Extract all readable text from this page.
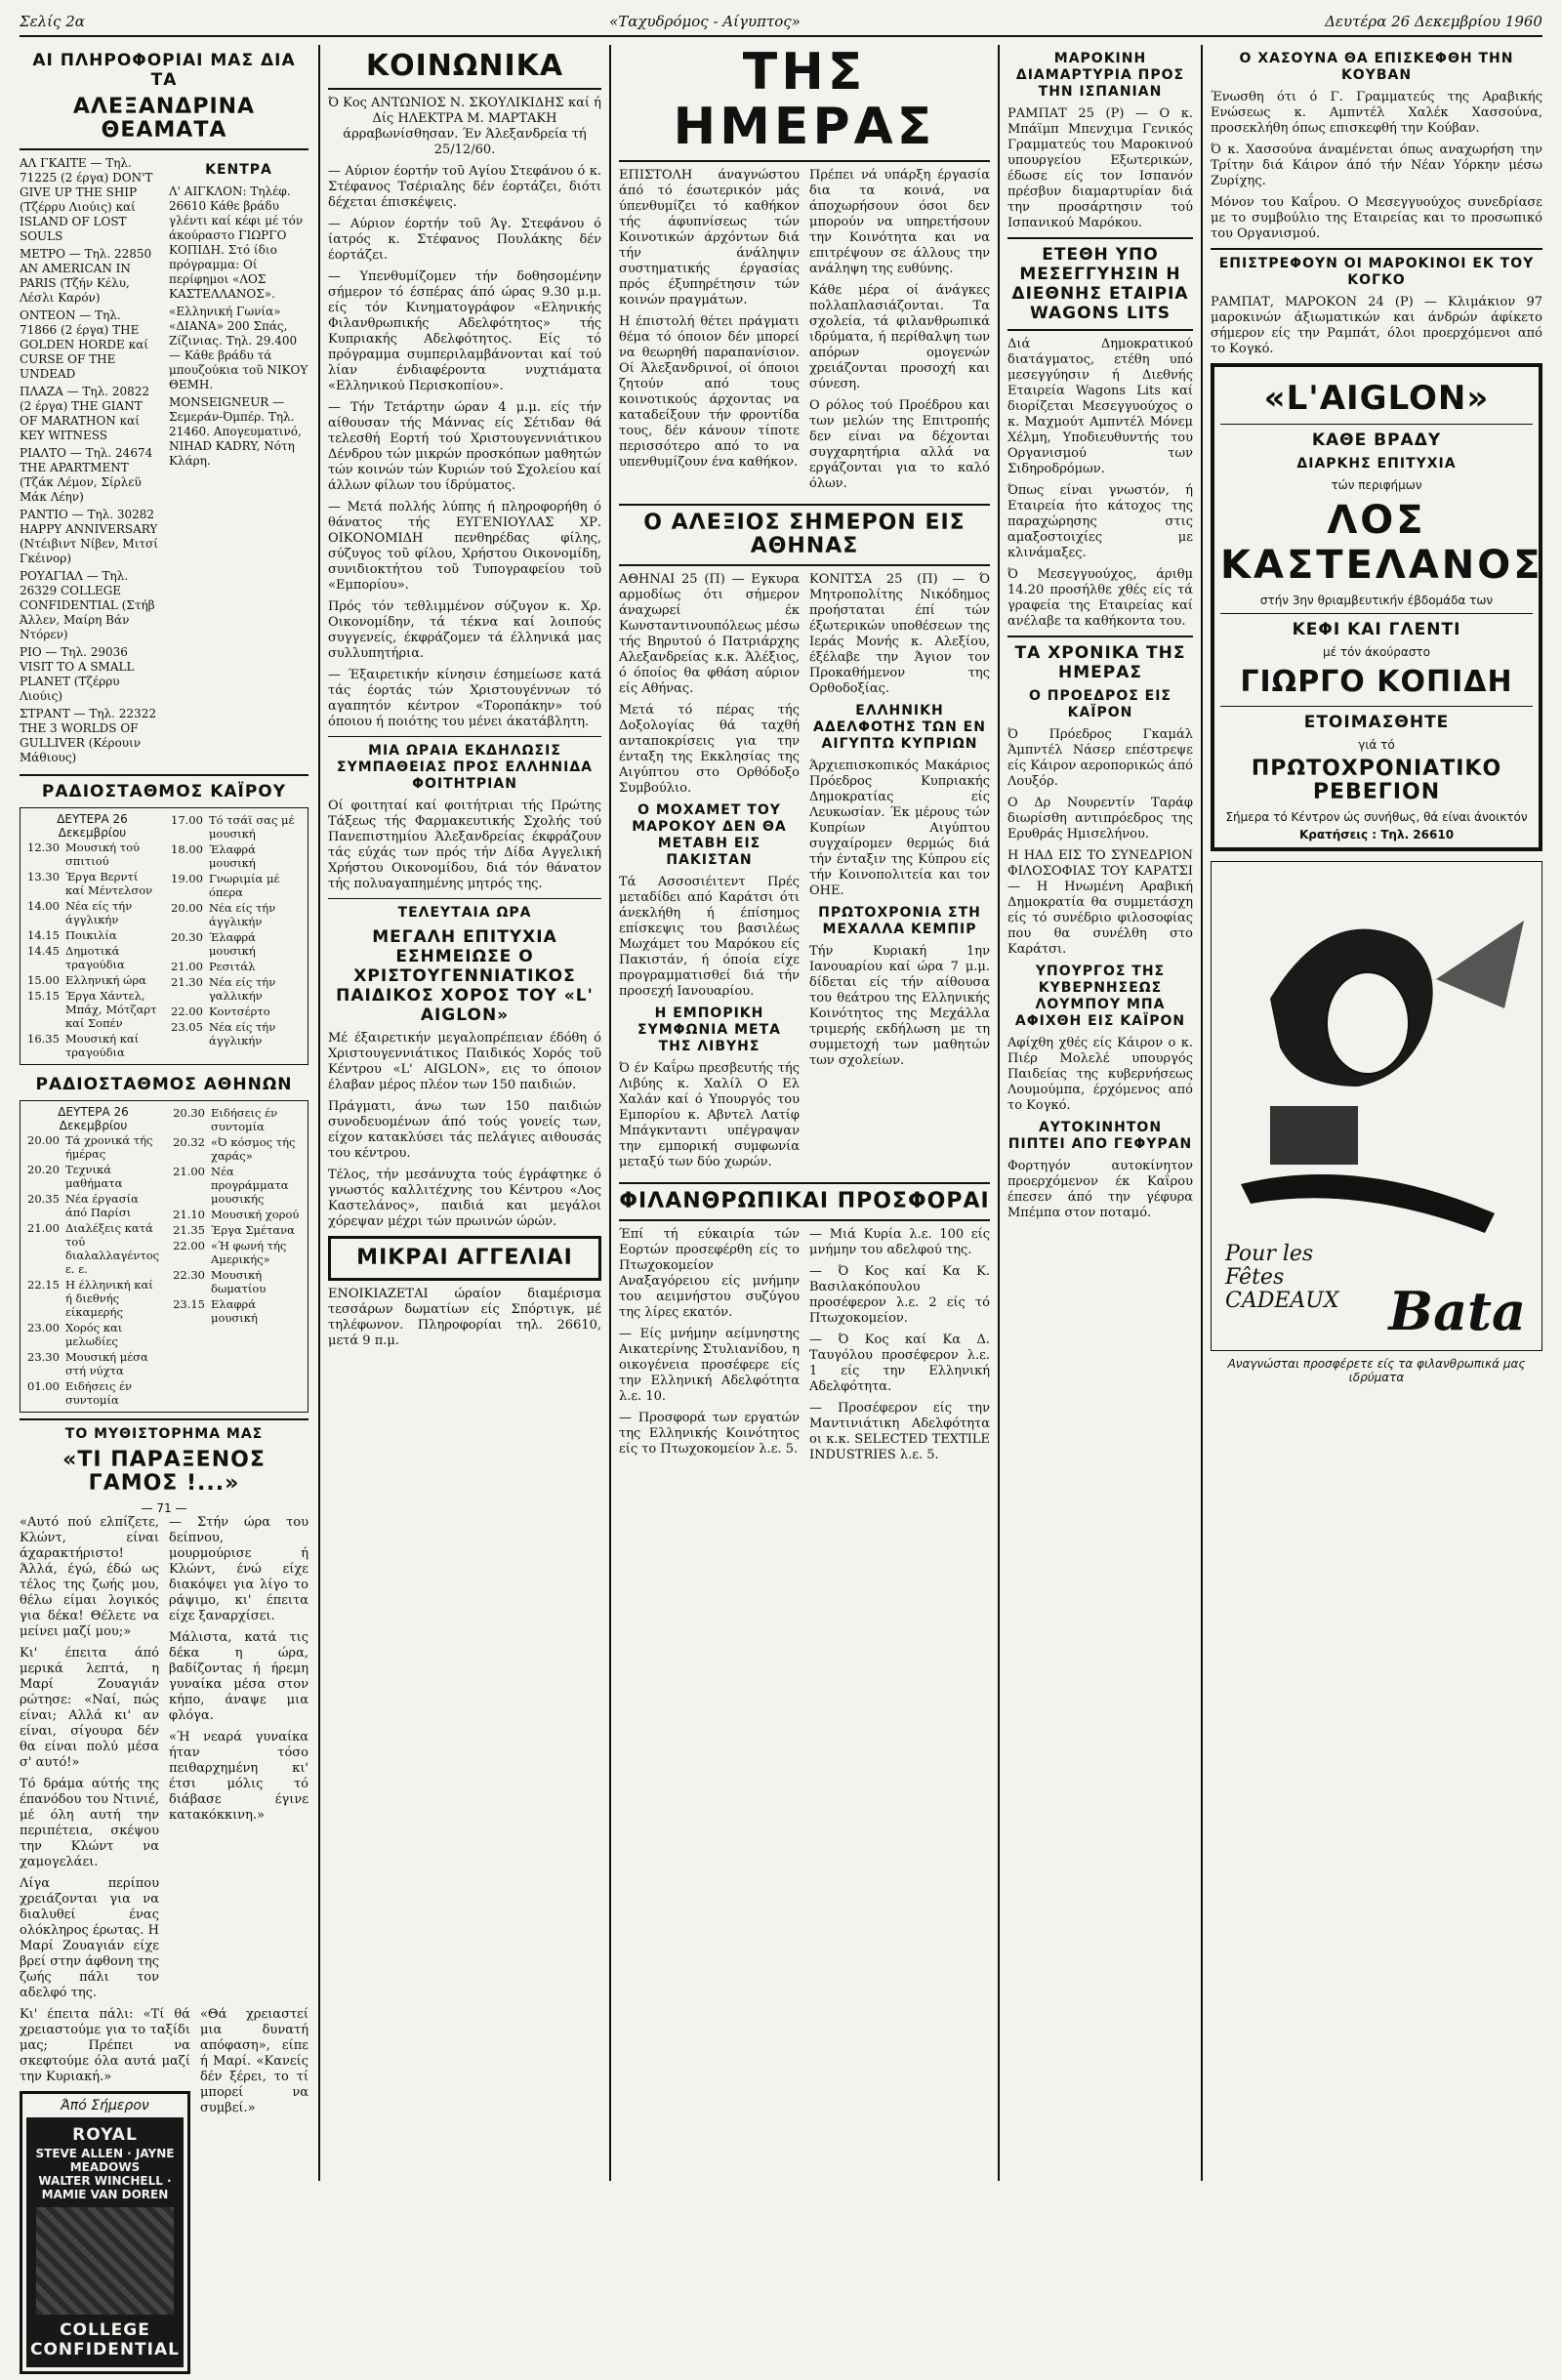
Σελίς 2α	«Ταχυδρόμος - Αίγυπτος»	Δευτέρα 26 Δεκεμβρίου 1960
ΑΙ ΠΛΗΡΟΦΟΡΙΑΙ ΜΑΣ ΔΙΑ ΤΑ
ΑΛΕΞΑΝΔΡΙΝΑ ΘΕΑΜΑΤΑ

ΑΛ ΓΚΑΙΤΕ — Τηλ. 71225 (2 έργα) DON'T GIVE UP THE SHIP (Τζέρρυ Λιούις) καί ISLAND OF LOST SOULS

ΜΕΤΡΟ — Τηλ. 22850 AN AMERICAN IN PARIS (Τζήν Κέλυ, Λέσλι Καρόν)

ΟΝΤΕΟΝ — Τηλ. 71866 (2 έργα) THE GOLDEN HORDE καί CURSE OF THE UNDEAD

ΠΛΑΖΑ — Τηλ. 20822 (2 έργα) THE GIANT OF MARATHON καί KEY WITNESS

ΡΙΑΛΤΟ — Τηλ. 24674 THE APARTMENT (Τζάκ Λέμον, Σίρλεϋ Μάκ Λέην)

ΡΑΝΤΙΟ — Τηλ. 30282 HAPPY ANNIVERSARY (Ντέιβιντ Νίβεν, Μιτσί Γκέινορ)

ΡΟΥΑΓΙΑΛ — Τηλ. 26329 COLLEGE CONFIDENTIAL (Στήβ Άλλεν, Μαίρη Βάν Ντόρεν)

ΡΙΟ — Τηλ. 29036 VISIT TO A SMALL PLANET (Τζέρρυ Λιούις)

ΣΤΡΑΝΤ — Τηλ. 22322 THE 3 WORLDS OF GULLIVER (Κέρουιν Μάθιους)

ΚΕΝΤΡΑ

Λ' ΑΙΓΚΛΟΝ: Τηλέφ. 26610 Κάθε βράδυ γλέντι καί κέφι μέ τόν άκούραστο ΓΙΩΡΓΟ ΚΟΠΙΔΗ. Στό ίδιο πρόγραμμα: Οί περίφημοι «ΛΟΣ ΚΑΣΤΕΛΛΑΝΟΣ».

«Ελληνική Γωνία» «ΔΙΑΝΑ» 200 Σπάς, Ζίζινιας. Τηλ. 29.400 — Κάθε βράδυ τά μπουζούκια τοῦ ΝΙΚΟΥ ΘΕΜΗ.

MONSEIGNEUR — Σεμεράν-Όμπέρ. Τηλ. 21460. Απογευματινό, NIHAD KADRY, Νότη Κλάρη.

ΡΑΔΙΟΣΤΑΘΜΟΣ ΚΑΪΡΟΥ
ΔΕΥΤΕΡΑ 26 Δεκεμβρίου
12.30	Μουσική τού σπιτιού
13.30	Έργα Βερντί καί Μέντελσον
14.00	Νέα είς τήν άγγλικήν
14.15	Ποικιλία
14.45	Δημοτικά τραγούδια
15.00	Ελληνική ώρα
15.15	Έργα Χάντελ, Μπάχ, Μότζαρτ καί Σοπέν
16.35	Μουσική καί τραγούδια
17.00	Τό τσάϊ σας μέ μουσική
18.00	Έλαφρά μουσική
19.00	Γνωριμία μέ όπερα
20.00	Νέα είς τήν άγγλικήν
20.30	Έλαφρά μουσική
21.00	Ρεσιτάλ
21.30	Νέα είς τήν γαλλικήν
22.00	Κοντσέρτο
23.05	Νέα είς τήν άγγλικήν
ΡΑΔΙΟΣΤΑΘΜΟΣ ΑΘΗΝΩΝ
ΔΕΥΤΕΡΑ 26 Δεκεμβρίου
20.00	Τά χρονικά τής ήμέρας
20.20	Τεχνικά μαθήματα
20.35	Νέα έργασία άπό Παρίσι
21.00	Διαλέξεις κατά τού διαλαλλαγέντος ε. ε.
22.15	Η έλληνική καί ή διεθνής είκαμερής
23.00	Χορός και μελωδίες
23.30	Μουσική μέσα στή νύχτα
01.00	Ειδήσεις έν συντομία
20.30	Ειδήσεις έν συντομία
20.32	«Ό κόσμος τής χαράς»
21.00	Νέα προγράμματα μουσικής
21.10	Μουσική χορού
21.35	Έργα Σμέτανα
22.00	«Ή φωνή τής Αμερικής»
22.30	Μουσική δωματίου
23.15	Ελαφρά μουσική
ΤΟ ΜΥΘΙΣΤΟΡΗΜΑ ΜΑΣ
«ΤΙ ΠΑΡΑΞΕΝΟΣ ΓΑΜΟΣ !...»
— 71 —

«Αυτό πού ελπίζετε, Κλώντ, είναι άχαρακτήριστο! Άλλά, έγώ, έδώ ως τέλος της ζωής μου, θέλω είμαι λογικός για δέκα! Θέλετε να μείνει μαζί μου;»

Κι' έπειτα άπό μερικά λεπτά, η Μαρί Ζουαγιάν ρώτησε: «Ναί, πώς είναι; Αλλά κι' αν είναι, σίγουρα δέν θα είναι πολύ μέσα σ' αυτό!»

Τό δράμα αύτής της έπανόδου του Ντινιέ, μέ όλη αυτή την περιπέτεια, σκέψου την Κλώντ να χαμογελάει.

Λίγα περίπου χρειάζονται για να διαλυθεί ένας ολόκληρος έρωτας. Η Μαρί Ζουαγιάν είχε βρεί στην άφθονη της ζωής πάλι τον αδελφό της.

— Στήν ώρα του δείπνου, μουρμούρισε ή Κλώντ, ένώ είχε διακόψει για λίγο το ράψιμο, κι' έπειτα είχε ξαναρχίσει.

Μάλιστα, κατά τις δέκα η ώρα, βαδίζοντας ή ήρεμη γυναίκα μέσα στον κήπο, άναψε μια φλόγα.

«Ή νεαρά γυναίκα ήταν τόσο πειθαρχημένη κι' έτσι μόλις τό διάβασε έγινε κατακόκκινη.»

Κι' έπειτα πάλι: «Τί θά χρειαστούμε για το ταξίδι μας; Πρέπει να σκεφτούμε όλα αυτά μαζί την Κυριακή.»

Άπό Σήμερον
ROYAL
STEVE ALLEN · JAYNE MEADOWS
WALTER WINCHELL · MAMIE VAN DOREN
COLLEGE CONFIDENTIAL

«Θά χρειαστεί μια δυνατή απόφαση», είπε ή Μαρί. «Κανείς δέν ξέρει, το τί μπορεί να συμβεί.»

ΚΟΙΝΩΝΙΚΑ

Ό Κος ΑΝΤΩΝΙΟΣ Ν. ΣΚΟΥΛΙΚΙΔΗΣ καί ή Δίς ΗΛΕΚΤΡΑ Μ. ΜΑΡΤΑΚΗ άρραβωνίσθησαν. Έν Άλεξανδρεία τή 25/12/60.

— Αύριον έορτήν τοῦ Αγίου Στεφάνου ό κ. Στέφανος Τσέριαλης δέν έορτάζει, διότι δέχεται έπισκέψεις.

— Αύριον έορτήν τοῦ Άγ. Στεφάνου ό ίατρός κ. Στέφανος Πουλάκης δέν έορτάζει.

— Υπενθυμίζομεν τήν δοθησομένην σήμερον τό έσπέρας άπό ώρας 9.30 μ.μ. είς τόν Κινηματογράφον «Εληνικής Φιλανθρωπικής Αδελφότητος» τής Κυπριακής Αδελφότητος. Είς τό πρόγραμμα συμπεριλαμβάνονται καί τού λίαν ένδιαφέροντα νυχτιάματα «Ελληνικού Περισκοπίου».

— Τήν Τετάρτην ώραν 4 μ.μ. είς τήν αίθουσαν τής Μάννας είς Σέτιδαν θά τελεσθή Εορτή τού Χριστουγεννιάτικου Δένδρου τών μικρών προσκόπων μαθητών τών κοινών τών Κυριών τού Σχολείου καί άλλων φίλων του ίδρύματος.

— Μετά πολλής λύπης ή πληροφορήθη ό θάνατος τής ΕΥΓΕΝΙΟΥΛΑΣ ΧΡ. ΟΙΚΟΝΟΜΙΔΗ πενθηρέδας φίλης, σύζυγος τοῦ φίλου, Χρήστου Οικονομίδη, συνιδιοκτήτου τοῦ Τυπογραφείου τοῦ «Εμπορίου».

Πρός τόν τεθλιμμένον σύζυγον κ. Χρ. Οικονομίδην, τά τέκνα καί λοιπούς συγγενείς, έκφράζομεν τά έλληνικά μας συλλυπητήρια.

— Έξαιρετικήν κίνησιν έσημείωσε κατά τάς έορτάς τών Χριστουγέννων τό αγαπητόν κέντρον «Τοροπάκην» τού όποιου ή ποιότης του μένει άκατάβλητη.

ΜΙΑ ΩΡΑΙΑ ΕΚΔΗΛΩΣΙΣ ΣΥΜΠΑΘΕΙΑΣ ΠΡΟΣ ΕΛΛΗΝΙΔΑ ΦΟΙΤΗΤΡΙΑΝ

Οί φοιτηταί καί φοιτήτριαι τής Πρώτης Τάξεως τής Φαρμακευτικής Σχολής τού Πανεπιστημίου Άλεξανδρείας έκφράζουν τάς εύχάς των πρός τήν Δίδα Αγγελική Χρήστου Οικονομίδου, διά τόν θάνατον τής πολυαγαπημένης μητρός της.

ΤΕΛΕΥΤΑΙΑ ΩΡΑ
ΜΕΓΑΛΗ ΕΠΙΤΥΧΙΑ ΕΣΗΜΕΙΩΣΕ Ο ΧΡΙΣΤΟΥΓΕΝΝΙΑΤΙΚΟΣ ΠΑΙΔΙΚΟΣ ΧΟΡΟΣ ΤΟΥ «L' AIGLON»

Μέ έξαιρετικήν μεγαλοπρέπειαν έδόθη ό Χριστουγεννιάτικος Παιδικός Χορός τοῦ Κέντρου «L' AIGLON», εις το όποιον έλαβαν μέρος πλέον των 150 παιδιών.

Πράγματι, άνω των 150 παιδιών συνοδευομένων άπό τούς γονείς των, είχον κατακλύσει τάς πελάγιες αιθουσάς του κέντρου.

Τέλος, τήν μεσάνυχτα τούς έγράφτηκε ό γνωστός καλλιτέχνης του Κέντρου «Λος Καστελάνος», παιδιά και μεγάλοι χόρεψαν μέχρι τών πρωινών ώρών.

ΜΙΚΡΑΙ ΑΓΓΕΛΙΑΙ

ΕΝΟΙΚΙΑΖΕΤΑΙ ώραίον διαμέρισμα τεσσάρων δωματίων είς Σπόρτιγκ, μέ τηλέφωνον. Πληροφορίαι τηλ. 26610, μετά 9 π.μ.

ΤΗΣ ΗΜΕΡΑΣ

ΕΠΙΣΤΟΛΗ άναγνώστου άπό τό έσωτερικόν μάς ύπενθυμίζει τό καθήκον τής άφυπνίσεως τών Κοινοτικών άρχόντων διά τήν άνάληψιν συστηματικής έργασίας πρός έξυπηρέτησιν τών κοινών πραγμάτων.

Η έπιστολή θέτει πράγματι θέμα τό όποιον δέν μπορεί να θεωρηθή παραπανίσιον. Οί Άλεξανδρινοί, οί όποιοι ζητούν από τους κοινοτικούς άρχοντας να καταδείξουν τήν φροντίδα τους, δέν κάνουν τίποτε περισσότερο από το να υπενθυμίζουν ένα καθήκον.

Πρέπει νά υπάρξη έργασία δια τα κοινά, να άποχωρήσουν όσοι δεν μπορούν να υπηρετήσουν την Κοινότητα και να επιτρέψουν σε άλλους την ανάληψη της ευθύνης.

Κάθε μέρα οί άνάγκες πολλαπλασιάζονται. Τα σχολεία, τά φιλανθρωπικά ιδρύματα, ή περίθαλψη των απόρων ομογενών χρειάζονται προσοχή και σύνεση.

Ο ρόλος τού Προέδρου και των μελών της Επιτροπής δεν είναι να δέχονται συγχαρητήρια αλλά να εργάζονται για το καλό όλων.

Ο ΑΛΕΞΙΟΣ ΣΗΜΕΡΟΝ ΕΙΣ ΑΘΗΝΑΣ

ΑΘΗΝΑΙ 25 (Π) — Εγκυρα αρμοδίως ότι σήμερον άναχωρεί έκ Κωνσταντινουπόλεως μέσω τής Βηρυτού ό Πατριάρχης Αλεξανδρείας κ.κ. Άλέξιος, ό όποίος θα φθάση αύριον είς Αθήνας.

Μετά τό πέρας τής Δοξολογίας θά ταχθή ανταποκρίσεις για την ένταξη της Εκκλησίας της Αιγύπτου στο Ορθόδοξο Συμβούλιο.

Ο ΜΟΧΑΜΕΤ ΤΟΥ ΜΑΡΟΚΟΥ ΔΕΝ ΘΑ ΜΕΤΑΒΗ ΕΙΣ ΠΑΚΙΣΤΑΝ

Τά Ασσοσιέιτεντ Πρές μεταδίδει από Καράτσι ότι άνεκλήθη ή έπίσημος επίσκεψις του βασιλέως Μωχάμετ του Μαρόκου είς Πακιστάν, ή όποία είχε προγραμματισθεί διά τήν προσεχή Ιανουαρίου.

Η ΕΜΠΟΡΙΚΗ ΣΥΜΦΩΝΙΑ ΜΕΤΑ ΤΗΣ ΛΙΒΥΗΣ

Ό έν Καΐρω πρεσβευτής τής Λιβύης κ. Χαλίλ Ο Ελ Χαλάν καί ό Υπουργός του Εμπορίου κ. Αβντελ Λατίφ Μπάγκνταντι υπέγραψαν την εμπορική συμφωνία μεταξύ των δύο χωρών.

ΚΟΝΙΤΣΑ 25 (Π) — Ό Μητροπολίτης Νικόδημος προήσταται έπί τών έξωτερικών υποθέσεων της Ιεράς Μονής κ. Αλεξίου, έξέλαβε την Άγιον τον Προκαθήμενον της Ορθοδοξίας.

ΕΛΛΗΝΙΚΗ ΑΔΕΛΦΟΤΗΣ ΤΩΝ ΕΝ ΑΙΓΥΠΤΩ ΚΥΠΡΙΩΝ

Άρχιεπισκοπικός Μακάριος Πρόεδρος Κυπριακής Δημοκρατίας είς Λευκωσίαν. Έκ μέρους τών Κυπρίων Αιγύπτου συγχαίρομεν θερμώς διά τήν ένταξιν της Κύπρου είς τήν Κοινοπολιτεία και τον ΟΗΕ.

ΠΡΩΤΟΧΡΟΝΙΑ ΣΤΗ ΜΕΧΑΛΛΑ ΚΕΜΠΙΡ

Τήν Κυριακή 1ην Ιανουαρίου καί ώρα 7 μ.μ. δίδεται είς τήν αίθουσα του θεάτρου της Ελληνικής Κοινότητος της Μεχάλλα τριμερής εκδήλωση με τη συμμετοχή των μαθητών των σχολείων.

ΦΙΛΑΝΘΡΩΠΙΚΑΙ ΠΡΟΣΦΟΡΑΙ

Έπί τή εύκαιρία τών Εορτών προσεφέρθη είς το Πτωχοκομείον Αναξαγόρειου είς μνήμην του αειμνήστου συζύγου της λίρες εκατόν.

— Είς μνήμην αείμνηστης Αικατερίνης Στυλιανίδου, η οικογένεια προσέφερε είς την Ελληνική Αδελφότητα λ.ε. 10.

— Προσφορά των εργατών της Ελληνικής Κοινότητος είς το Πτωχοκομείον λ.ε. 5.

— Μιά Κυρία λ.ε. 100 είς μνήμην του αδελφού της.

— Ό Κος καί Κα Κ. Βασιλακόπουλου προσέφερον λ.ε. 2 είς τό Πτωχοκομείον.

— Ό Κος καί Κα Δ. Ταυγόλου προσέφερον λ.ε. 1 είς την Ελληνική Αδελφότητα.

— Προσέφερον είς την Μαντινιάτικη Αδελφότητα οι κ.κ. SELECTED TEXTILE INDUSTRIES λ.ε. 5.

ΜΑΡΟΚΙΝΗ ΔΙΑΜΑΡΤΥΡΙΑ ΠΡΟΣ ΤΗΝ ΙΣΠΑΝΙΑΝ

ΡΑΜΠΑΤ 25 (Ρ) — Ο κ. Μπάϊμπ Μπενχιμα Γενικός Γραμματεύς του Μαροκινού υπουργείου Εξωτερικών, έδωσε είς τον Ισπανόν πρέσβυν διαμαρτυρίαν διά την προσάρτησιν τού Ισπανικού Μαρόκου.

ΕΤΕΘΗ ΥΠΟ ΜΕΣΕΓΓΥΗΣΙΝ Η ΔΙΕΘΝΗΣ ΕΤΑΙΡΙΑ WAGONS LITS

Διά Δημοκρατικού διατάγματος, ετέθη υπό μεσεγγύησιν ή Διεθνής Εταιρεία Wagons Lits καί διορίζεται Μεσεγγυούχος ο κ. Μαχμούτ Αμπντέλ Μόνεμ Χέλμη, Υποδιευθυντής του Οργανισμού των Σιδηροδρόμων.

Όπως είναι γνωστόν, ή Εταιρεία ήτο κάτοχος της παραχώρησης στις αμαξοστοιχίες με κλινάμαξες.

Ό Μεσεγγυούχος, άριθμ 14.20 προσήλθε χθές είς τά γραφεία της Εταιρείας καί ανέλαβε τα καθήκοντα του.

ΤΑ ΧΡΟΝΙΚΑ ΤΗΣ ΗΜΕΡΑΣ
Ο ΠΡΟΕΔΡΟΣ ΕΙΣ ΚΑΪΡΟΝ

Ό Πρόεδρος Γκαμάλ Άμπντέλ Νάσερ επέστρεψε είς Κάιρον αεροπορικώς άπό Λουξόρ.

Ο Δρ Νουρεντίν Ταράφ διωρίσθη αντιπρόεδρος της Ερυθράς Ημισελήνου.

Η ΗΑΔ ΕΙΣ ΤΟ ΣΥΝΕΔΡΙΟΝ ΦΙΛΟΣΟΦΙΑΣ ΤΟΥ ΚΑΡΑΤΣΙ — Η Ηνωμένη Αραβική Δημοκρατία θα συμμετάσχη είς τό συνέδριο φιλοσοφίας που θα συνέλθη στο Καράτσι.

ΥΠΟΥΡΓΟΣ ΤΗΣ ΚΥΒΕΡΝΗΣΕΩΣ ΛΟΥΜΠΟΥ ΜΠΑ ΑΦΙΧΘΗ ΕΙΣ ΚΑΪΡΟΝ

Αφίχθη χθές είς Κάιρον ο κ. Πιέρ Μολελέ υπουργός Παιδείας της κυβερνήσεως Λουμούμπα, έρχόμενος από το Κογκό.

ΑΥΤΟΚΙΝΗΤΟΝ ΠΙΠΤΕΙ ΑΠΟ ΓΕΦΥΡΑΝ

Φορτηγόν αυτοκίνητον προερχόμενον έκ Καΐρου έπεσεν άπό την γέφυρα Μπέμπα στον ποταμό.

Ο ΧΑΣΟΥΝΑ ΘΑ ΕΠΙΣΚΕΦΘΗ ΤΗΝ ΚΟΥΒΑΝ

Ένωσθη ότι ό Γ. Γραμματεύς της Αραβικής Ενώσεως κ. Αμπντέλ Χαλέκ Χασσούνα, προσεκλήθη όπως επισκεφθή την Κούβαν.

Ό κ. Χασσούνα άναμένεται όπως αναχωρήση την Τρίτην διά Κάιρον άπό τήν Νέαν Υόρκην μέσω Ζυρίχης.

Μόνον του Καΐρου. Ο Μεσεγγυούχος συνεδρίασε με το συμβούλιο της Εταιρείας και το προσωπικό του Οργανισμού.

ΕΠΙΣΤΡΕΦΟΥΝ ΟΙ ΜΑΡΟΚΙΝΟΙ ΕΚ ΤΟΥ ΚΟΓΚΟ

ΡΑΜΠΑΤ, ΜΑΡΟΚΟΝ 24 (Ρ) — Κλιμάκιον 97 μαροκινών άξιωματικών και άνδρών άφίκετο σήμερον είς την Ραμπάτ, όλοι προερχόμενοι από το Κογκό.

«L'AIGLON»
ΚΑΘΕ ΒΡΑΔΥ
ΔΙΑΡΚΗΣ ΕΠΙΤΥΧΙΑ
τών περιφήμων
ΛΟΣ ΚΑΣΤΕΛΑΝΟΣ
στήν 3ην θριαμβευτικήν έβδομάδα των
ΚΕΦΙ ΚΑΙ ΓΛΕΝΤΙ
μέ τόν άκούραστο
ΓΙΩΡΓΟ ΚΟΠΙΔΗ
ΕΤΟΙΜΑΣΘΗΤΕ
γιά τό
ΠΡΩΤΟΧΡΟΝΙΑΤΙΚΟ ΡΕΒΕΓΙΟΝ
Σήμερα τό Κέντρον ώς συνήθως, θά είναι άνοικτόν
Κρατήσεις : Τηλ. 26610
Pour les
Fêtes
CADEAUX Bata
Αναγνώσται προσφέρετε είς τα φιλανθρωπικά μας ιδρύματα
